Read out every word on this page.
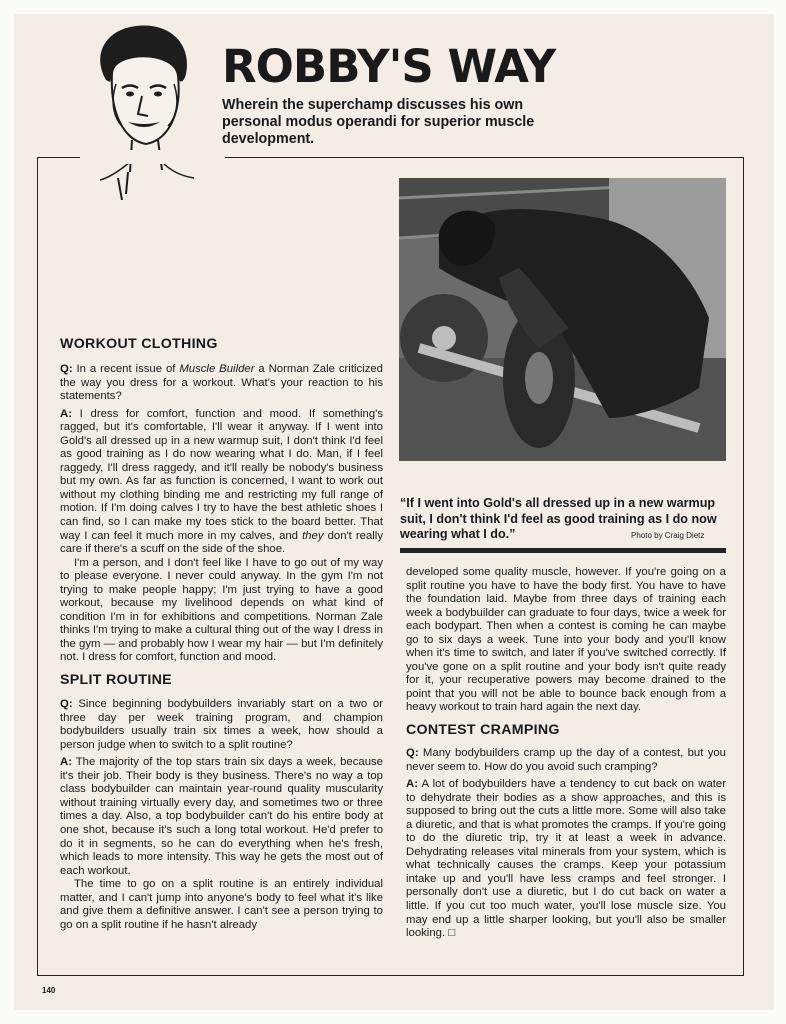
ROBBY'S WAY
Wherein the superchamp discusses his own personal modus operandi for superior muscle development.
“If I went into Gold's all dressed up in a new warmup suit, I don't think I'd feel as good training as I do now wearing what I do.”	Photo by Craig Dietz
WORKOUT CLOTHING

Q: In a recent issue of Muscle Builder a Norman Zale criticized the way you dress for a workout. What's your reaction to his statements?

A: I dress for comfort, function and mood. If something's ragged, but it's comfortable, I'll wear it anyway. If I went into Gold's all dressed up in a new warmup suit, I don't think I'd feel as good training as I do now wearing what I do. Man, if I feel raggedy, I'll dress raggedy, and it'll really be nobody's business but my own. As far as function is concerned, I want to work out without my clothing binding me and restricting my full range of motion. If I'm doing calves I try to have the best athletic shoes I can find, so I can make my toes stick to the board better. That way I can feel it much more in my calves, and they don't really care if there's a scuff on the side of the shoe.

I'm a person, and I don't feel like I have to go out of my way to please everyone. I never could anyway. In the gym I'm not trying to make people happy; I'm just trying to have a good workout, because my livelihood depends on what kind of condition I'm in for exhibitions and competitions. Norman Zale thinks I'm trying to make a cultural thing out of the way I dress in the gym — and probably how I wear my hair — but I'm definitely not. I dress for comfort, function and mood.

SPLIT ROUTINE

Q: Since beginning bodybuilders invariably start on a two or three day per week training program, and champion bodybuilders usually train six times a week, how should a person judge when to switch to a split routine?

A: The majority of the top stars train six days a week, because it's their job. Their body is they business. There's no way a top class bodybuilder can maintain year-round quality muscularity without training virtually every day, and sometimes two or three times a day. Also, a top bodybuilder can't do his entire body at one shot, because it's such a long total workout. He'd prefer to do it in segments, so he can do everything when he's fresh, which leads to more intensity. This way he gets the most out of each workout.

The time to go on a split routine is an entirely individual matter, and I can't jump into anyone's body to feel what it's like and give them a definitive answer. I can't see a person trying to go on a split routine if he hasn't already

developed some quality muscle, however. If you're going on a split routine you have to have the body first. You have to have the foundation laid. Maybe from three days of training each week a bodybuilder can graduate to four days, twice a week for each bodypart. Then when a contest is coming he can maybe go to six days a week. Tune into your body and you'll know when it's time to switch, and later if you've switched correctly. If you've gone on a split routine and your body isn't quite ready for it, your recuperative powers may become drained to the point that you will not be able to bounce back enough from a heavy workout to train hard again the next day.

CONTEST CRAMPING

Q: Many bodybuilders cramp up the day of a contest, but you never seem to. How do you avoid such cramping?

A: A lot of bodybuilders have a tendency to cut back on water to dehydrate their bodies as a show approaches, and this is supposed to bring out the cuts a little more. Some will also take a diuretic, and that is what promotes the cramps. If you're going to do the diuretic trip, try it at least a week in advance. Dehydrating releases vital minerals from your system, which is what technically causes the cramps. Keep your potassium intake up and you'll have less cramps and feel stronger. I personally don't use a diuretic, but I do cut back on water a little. If you cut too much water, you'll lose muscle size. You may end up a little sharper looking, but you'll also be smaller looking. □

140
